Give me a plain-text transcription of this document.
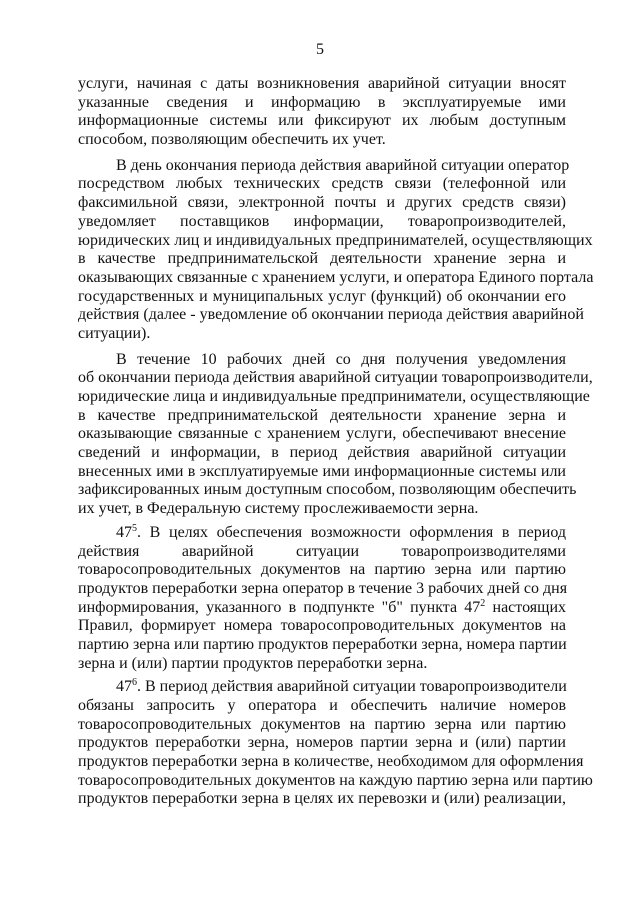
5
услуги, начиная с даты возникновения аварийной ситуации вносят
указанные сведения и информацию в эксплуатируемые ими
информационные системы или фиксируют их любым доступным
способом, позволяющим обеспечить их учет.
В день окончания периода действия аварийной ситуации оператор
посредством любых технических средств связи (телефонной или
факсимильной связи, электронной почты и других средств связи)
уведомляет поставщиков информации, товаропроизводителей,
юридических лиц и индивидуальных предпринимателей, осуществляющих
в качестве предпринимательской деятельности хранение зерна и
оказывающих связанные с хранением услуги, и оператора Единого портала
государственных и муниципальных услуг (функций) об окончании его
действия (далее - уведомление об окончании периода действия аварийной
ситуации).
В течение 10 рабочих дней со дня получения уведомления
об окончании периода действия аварийной ситуации товаропроизводители,
юридические лица и индивидуальные предприниматели, осуществляющие
в качестве предпринимательской деятельности хранение зерна и
оказывающие связанные с хранением услуги, обеспечивают внесение
сведений и информации, в период действия аварийной ситуации
внесенных ими в эксплуатируемые ими информационные системы или
зафиксированных иным доступным способом, позволяющим обеспечить
их учет, в Федеральную систему прослеживаемости зерна.
$47^5$. В целях обеспечения возможности оформления в период
действия аварийной ситуации товаропроизводителями
товаросопроводительных документов на партию зерна или партию
продуктов переработки зерна оператор в течение 3 рабочих дней со дня
информирования, указанного в подпункте "б" пункта $47^2$ настоящих
Правил, формирует номера товаросопроводительных документов на
партию зерна или партию продуктов переработки зерна, номера партии
зерна и (или) партии продуктов переработки зерна.
$47^6$. В период действия аварийной ситуации товаропроизводители
обязаны запросить у оператора и обеспечить наличие номеров
товаросопроводительных документов на партию зерна или партию
продуктов переработки зерна, номеров партии зерна и (или) партии
продуктов переработки зерна в количестве, необходимом для оформления
товаросопроводительных документов на каждую партию зерна или партию
продуктов переработки зерна в целях их перевозки и (или) реализации,
